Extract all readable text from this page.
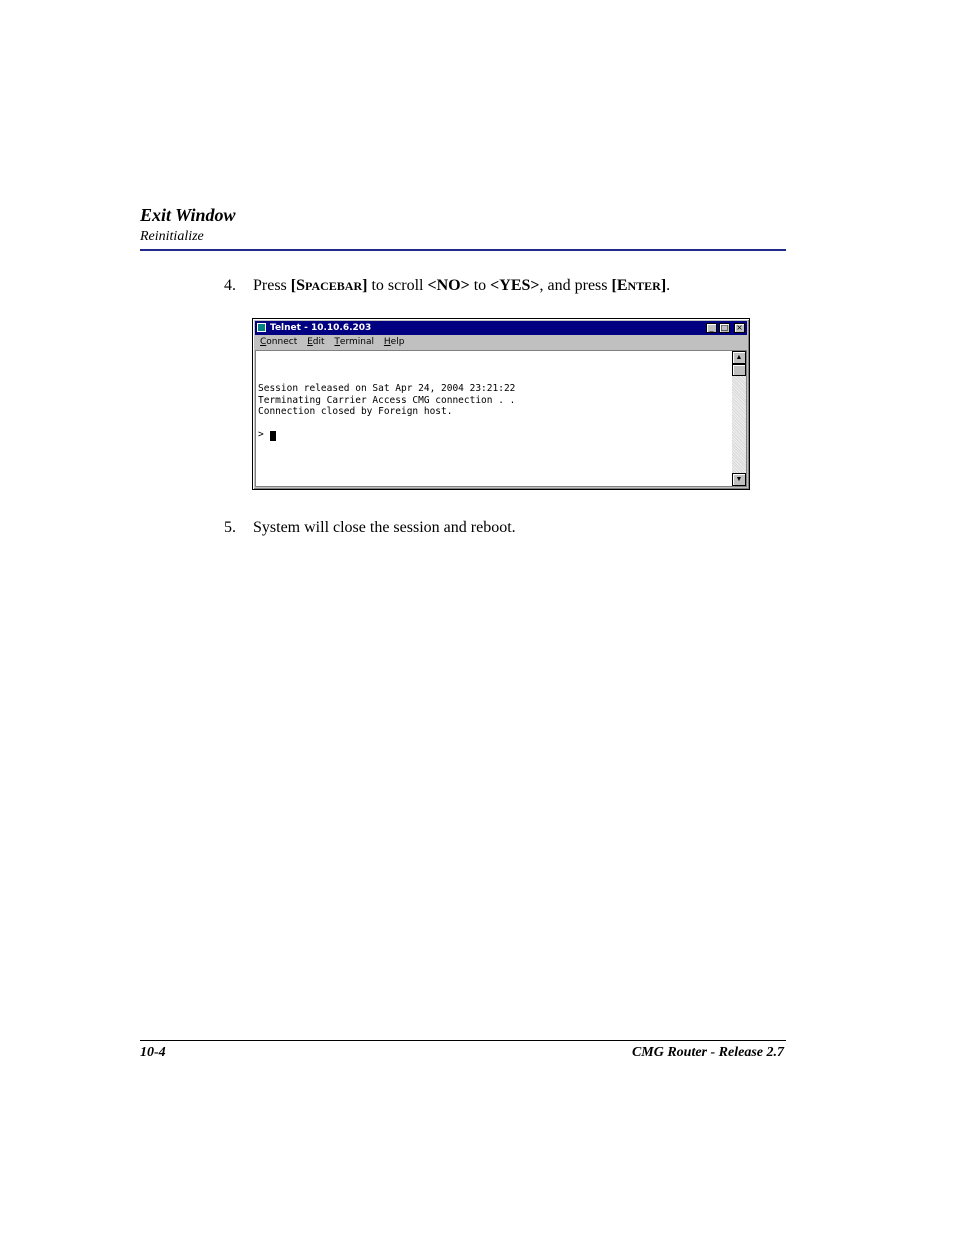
Exit Window
Reinitialize
4. Press [SPACEBAR] to scroll <NO> to <YES>, and press [ENTER].
Telnet - 10.10.6.203	_ □ ×
Connect Edit Terminal Help
Session released on Sat Apr 24, 2004 23:21:22
Terminating Carrier Access CMG connection . .
Connection closed by Foreign host.
>
▲
▼
5. System will close the session and reboot.
10-4	CMG Router - Release 2.7
